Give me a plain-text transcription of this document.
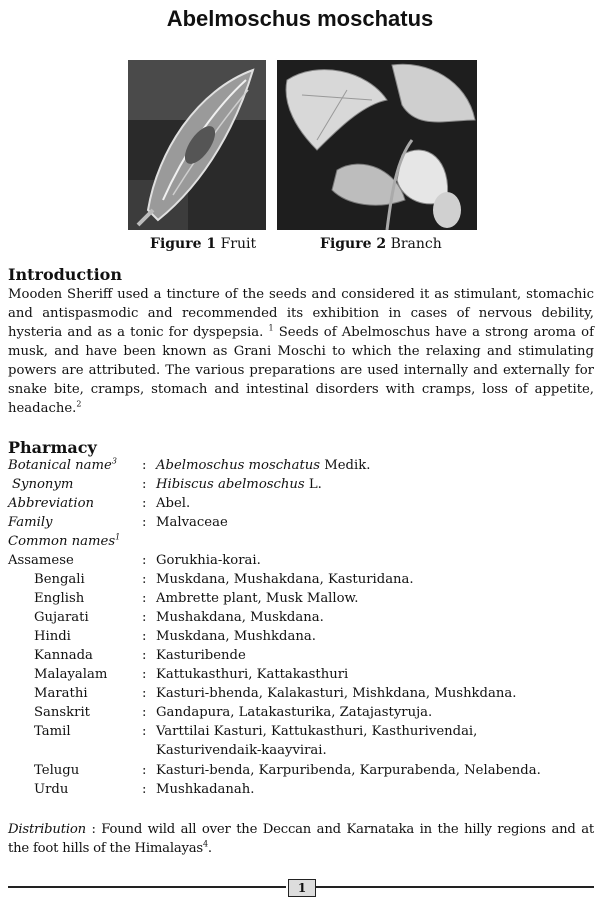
Abelmoschus moschatus
Figure 1 Fruit	Figure 2 Branch
Introduction
Mooden Sheriff used a tincture of the seeds and considered it as stimulant, stomachic and antispasmodic and recommended its exhibition in cases of nervous debility, hysteria and as a tonic for dyspepsia. $^1$ Seeds of Abelmoschus have a strong aroma of musk, and have been known as Grani Moschi to which the relaxing and stimulating powers are attributed. The various preparations are used internally and externally for snake bite, cramps, stomach and intestinal disorders with cramps, loss of appetite, headache.$^2$
Pharmacy
Botanical name$^3$ : Abelmoschus moschatus Medik.
Synonym	: Hibiscus abelmoschus L.
Abbreviation	: Abel.
Family	: Malvaceae
Common names$^1$
Assamese	: Gorukhia-korai.
Bengali	: Muskdana, Mushakdana, Kasturidana.
English	: Ambrette plant, Musk Mallow.
Gujarati	: Mushakdana, Muskdana.
Hindi	: Muskdana, Mushkdana.
Kannada	: Kasturibende
Malayalam	: Kattukasthuri, Kattakasthuri
Marathi	: Kasturi-bhenda, Kalakasturi, Mishkdana, Mushkdana.
Sanskrit	: Gandapura, Latakasturika, Zatajastyruja.
Tamil	: Varttilai Kasturi, Kattukasthuri, Kasthurivendai,
Kasturivendaik-kaayvirai.
Telugu	: Kasturi-benda, Karpuribenda, Karpurabenda, Nelabenda.
Urdu	: Mushkadanah.
Distribution : Found wild all over the Deccan and Karnataka in the hilly regions and at the foot hills of the Himalayas$^4$.
1
